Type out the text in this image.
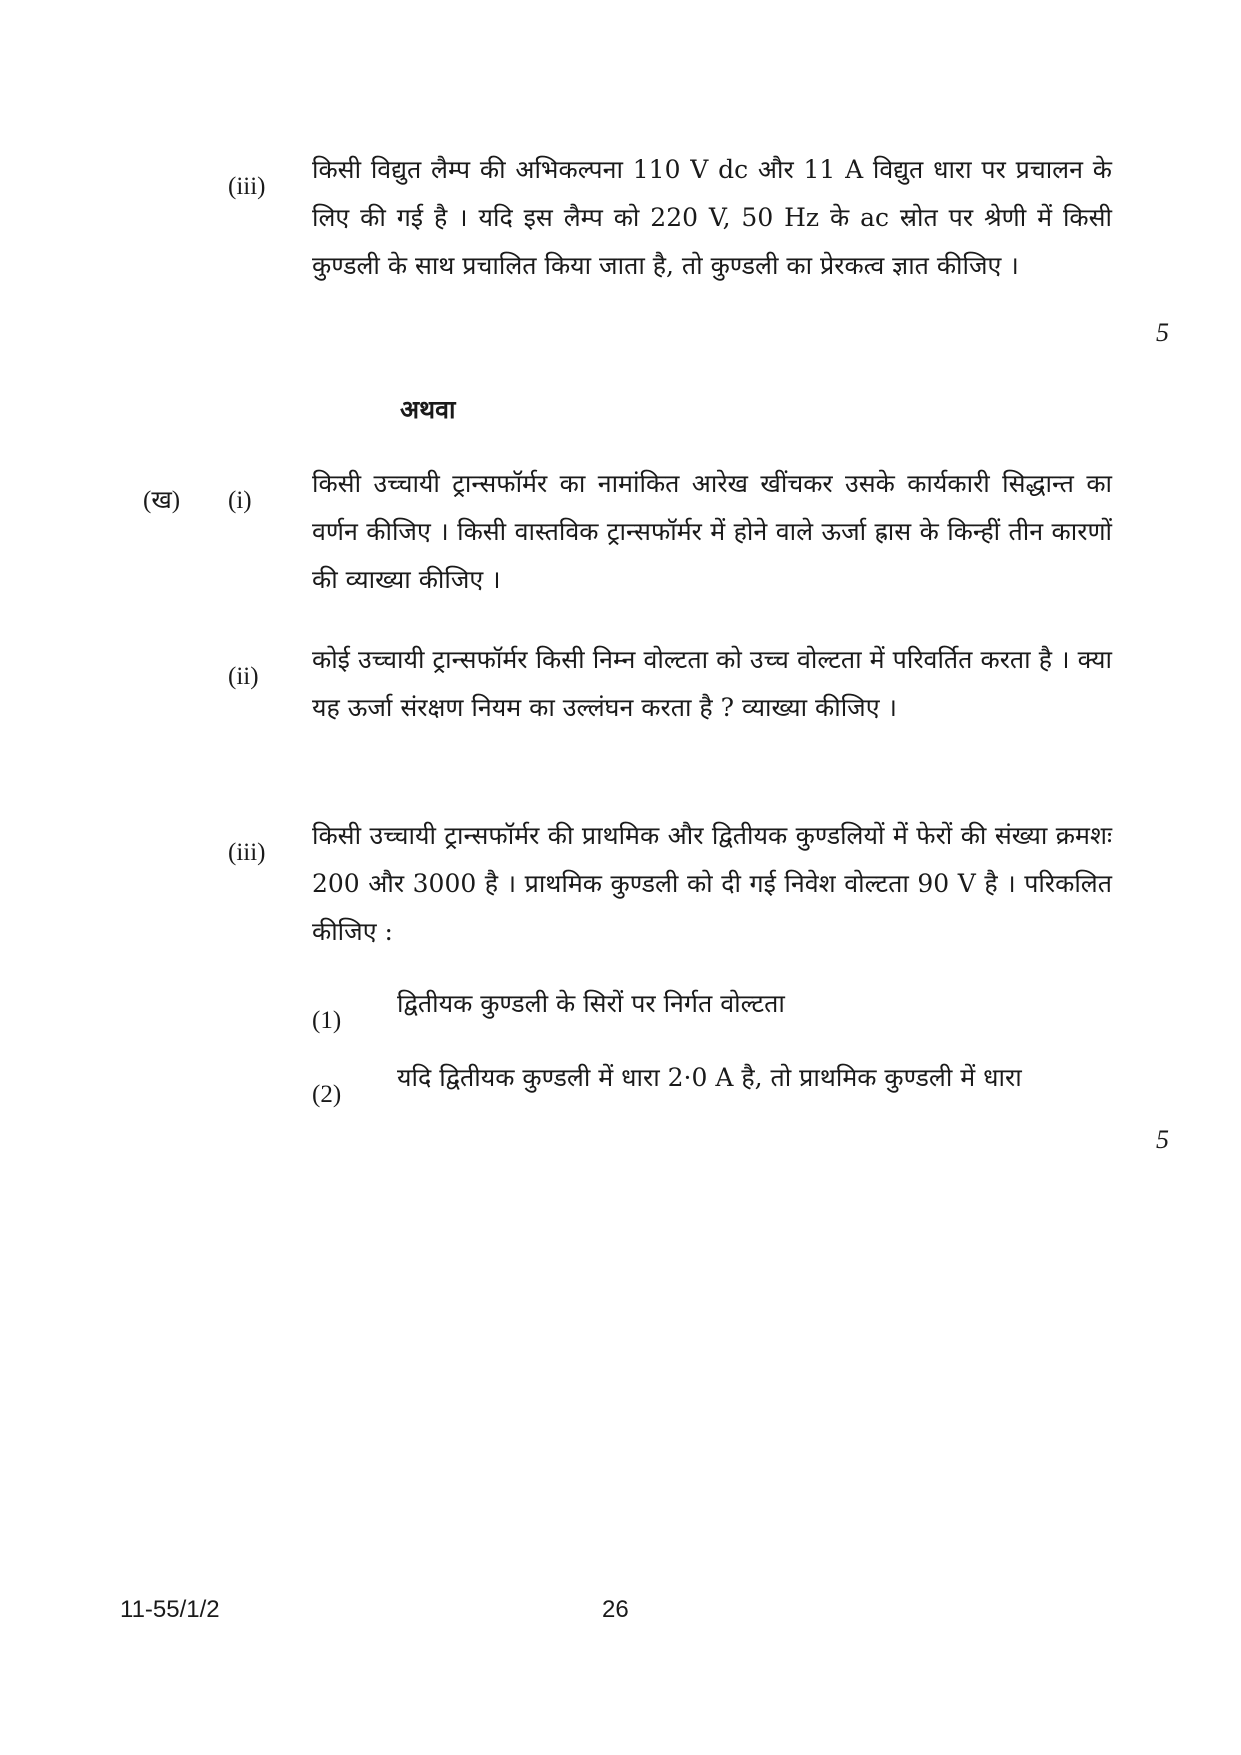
(iii)

किसी विद्युत लैम्प की अभिकल्पना 110 V dc और 11 A विद्युत धारा पर प्रचालन के लिए की गई है । यदि इस लैम्प को 220 V, 50 Hz के ac स्रोत पर श्रेणी में किसी कुण्डली के साथ प्रचालित किया जाता है, तो कुण्डली का प्रेरकत्व ज्ञात कीजिए ।

5
अथवा
(ख) (i)

किसी उच्चायी ट्रान्सफॉर्मर का नामांकित आरेख खींचकर उसके कार्यकारी सिद्धान्त का वर्णन कीजिए । किसी वास्तविक ट्रान्सफॉर्मर में होने वाले ऊर्जा ह्रास के किन्हीं तीन कारणों की व्याख्या कीजिए ।

(ii)

कोई उच्चायी ट्रान्सफॉर्मर किसी निम्न वोल्टता को उच्च वोल्टता में परिवर्तित करता है । क्या यह ऊर्जा संरक्षण नियम का उल्लंघन करता है ? व्याख्या कीजिए ।

(iii)

किसी उच्चायी ट्रान्सफॉर्मर की प्राथमिक और द्वितीयक कुण्डलियों में फेरों की संख्या क्रमशः 200 और 3000 है । प्राथमिक कुण्डली को दी गई निवेश वोल्टता 90 V है । परिकलित कीजिए :

(1)

द्वितीयक कुण्डली के सिरों पर निर्गत वोल्टता

(2)

यदि द्वितीयक कुण्डली में धारा 2·0 A है, तो प्राथमिक कुण्डली में धारा

5
11-55/1/2	26
